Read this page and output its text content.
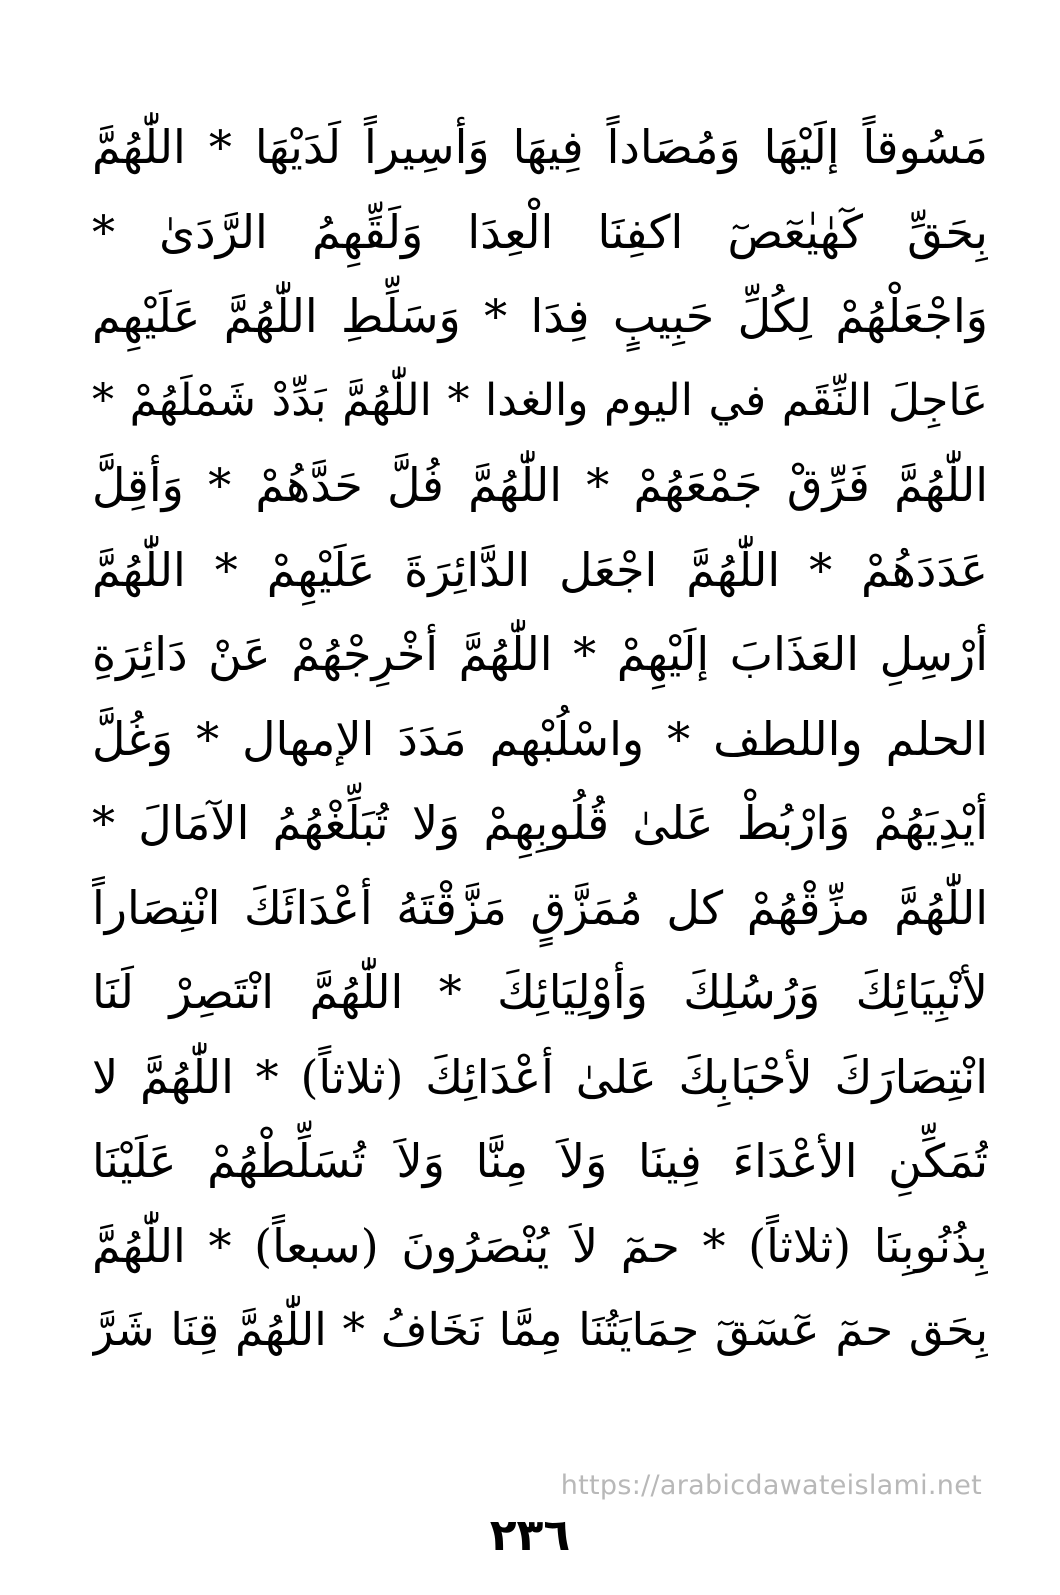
مَسُوقاً إلَيْهَا وَمُصَاداً فِيهَا وَأسِيراً لَدَيْهَا * اللّٰهُمَّ
بِحَقِّ كٓهٰيٰعٓصٓ اكفِنَا الْعِدَا وَلَقِّهِمُ الرَّدَىٰ *
وَاجْعَلْهُمْ لِكُلِّ حَبِيبٍ فِدَا * وَسَلِّطِ اللّٰهُمَّ عَلَيْهِم
عَاجِلَ النِّقَم في اليوم والغدا * اللّٰهُمَّ بَدِّدْ شَمْلَهُمْ *
اللّٰهُمَّ فَرِّقْ جَمْعَهُمْ * اللّٰهُمَّ فُلَّ حَدَّهُمْ * وَأقِلَّ
عَدَدَهُمْ * اللّٰهُمَّ اجْعَل الدَّائِرَةَ عَلَيْهِمْ * اللّٰهُمَّ
أرْسِلِ العَذَابَ إلَيْهِمْ * اللّٰهُمَّ أخْرِجْهُمْ عَنْ دَائِرَةِ
الحلم واللطف * واسْلُبْهم مَدَدَ الإمهال * وَغُلَّ
أيْدِيَهُمْ وَارْبُطْ عَلىٰ قُلُوبِهِمْ وَلا تُبَلِّغْهُمُ الآمَالَ *
اللّٰهُمَّ مزِّقْهُمْ كل مُمَزَّقٍ مَزَّقْتَهُ أعْدَائَكَ انْتِصَاراً
لأنْبِيَائِكَ وَرُسُلِكَ وَأوْلِيَائِكَ * اللّٰهُمَّ انْتَصِرْ لَنَا
انْتِصَارَكَ لأحْبَابِكَ عَلىٰ أعْدَائِكَ (ثلاثاً) * اللّٰهُمَّ لا
تُمَكِّنِ الأعْدَاءَ فِينَا وَلاَ مِنَّا وَلاَ تُسَلِّطْهُمْ عَلَيْنَا
بِذُنُوبِنَا (ثلاثاً) * حمٓ لاَ يُنْصَرُونَ (سبعاً) * اللّٰهُمَّ
بِحَق حمٓ عٓسٓقٓ حِمَايَتُنَا مِمَّا نَخَافُ * اللّٰهُمَّ قِنَا شَرَّ
https://arabicdawateislami.net
٢٣٦
